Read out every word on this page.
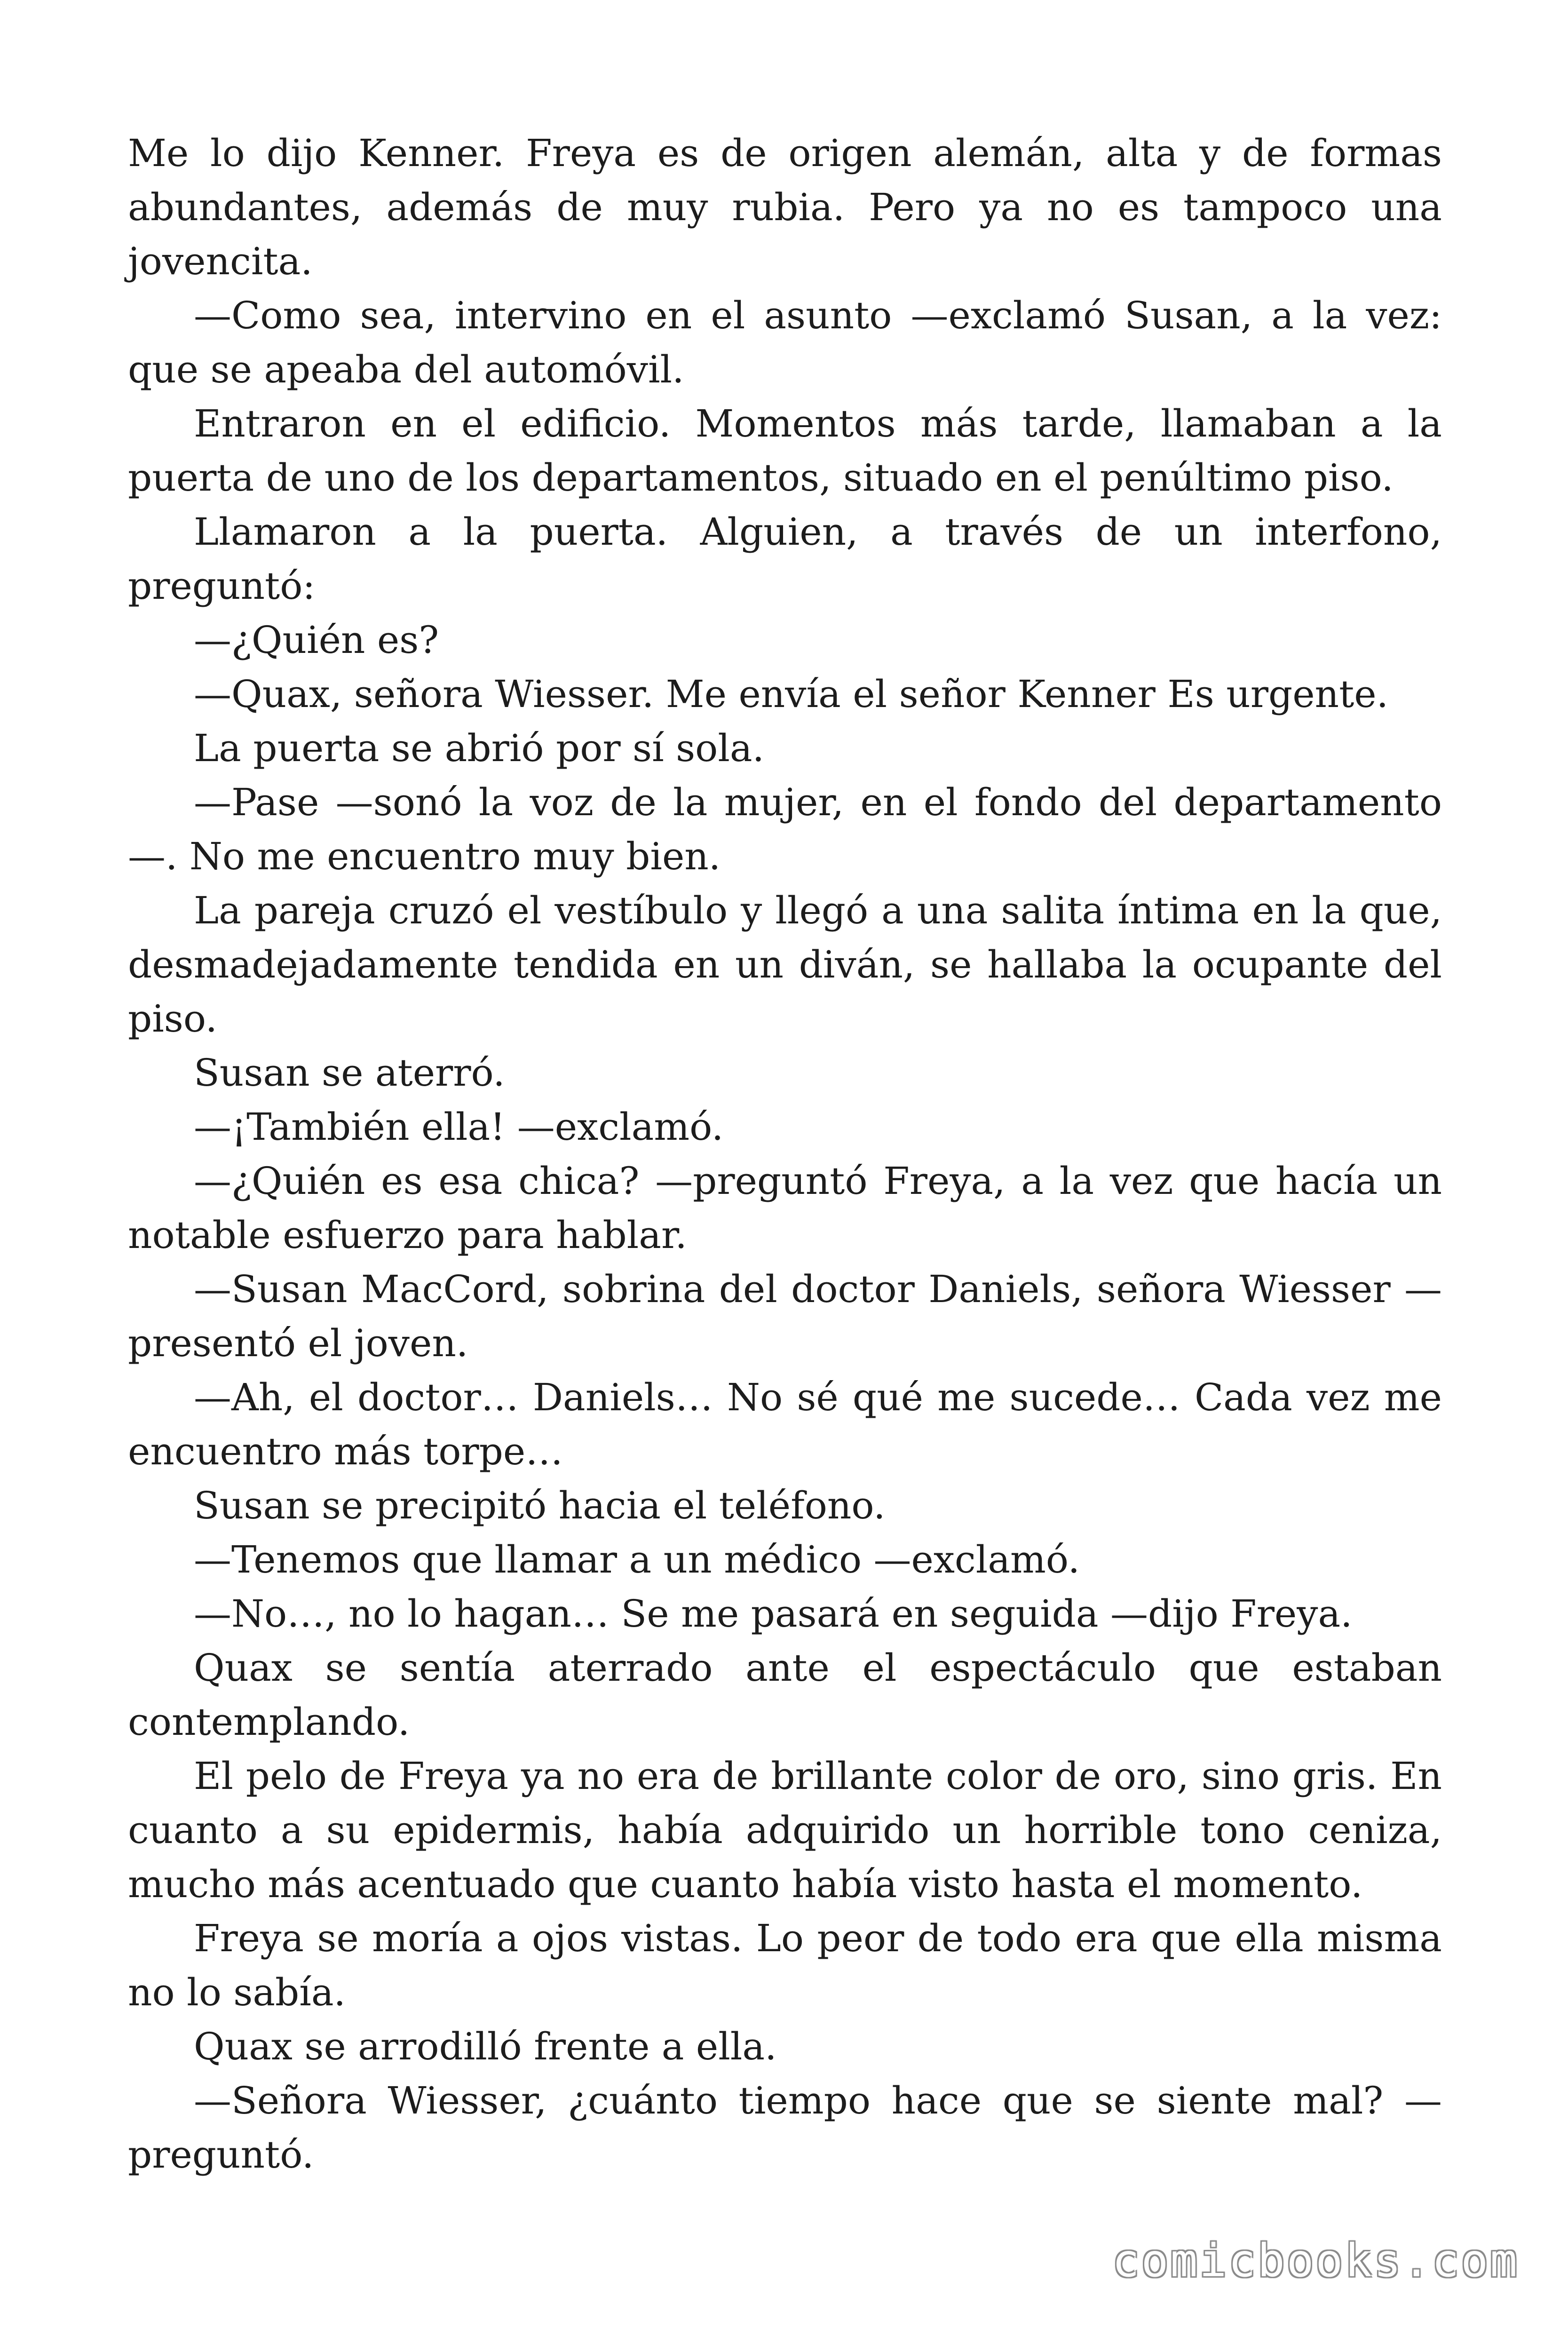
Me lo dijo Kenner. Freya es de origen alemán, alta y de formas abundantes, además de muy rubia. Pero ya no es tampoco una jovencita.

—Como sea, intervino en el asunto —exclamó Susan, a la vez: que se apeaba del automóvil.

Entraron en el edificio. Momentos más tarde, llamaban a la puerta de uno de los departamentos, situado en el penúltimo piso.

Llamaron a la puerta. Alguien, a través de un interfono, preguntó:

—¿Quién es?

—Quax, señora Wiesser. Me envía el señor Kenner Es urgente.

La puerta se abrió por sí sola.

—Pase —sonó la voz de la mujer, en el fondo del departamento —. No me encuentro muy bien.

La pareja cruzó el vestíbulo y llegó a una salita íntima en la que, desmadejadamente tendida en un diván, se hallaba la ocupante del piso.

Susan se aterró.

—¡También ella! —exclamó.

—¿Quién es esa chica? —preguntó Freya, a la vez que hacía un notable esfuerzo para hablar.

—Susan MacCord, sobrina del doctor Daniels, señora Wiesser —presentó el joven.

—Ah, el doctor… Daniels… No sé qué me sucede… Cada vez me encuentro más torpe…

Susan se precipitó hacia el teléfono.

—Tenemos que llamar a un médico —exclamó.

—No…, no lo hagan… Se me pasará en seguida —dijo Freya.

Quax se sentía aterrado ante el espectáculo que estaban contemplando.

El pelo de Freya ya no era de brillante color de oro, sino gris. En cuanto a su epidermis, había adquirido un horrible tono ceniza, mucho más acentuado que cuanto había visto hasta el momento.

Freya se moría a ojos vistas. Lo peor de todo era que ella misma no lo sabía.

Quax se arrodilló frente a ella.

—Señora Wiesser, ¿cuánto tiempo hace que se siente mal? —preguntó.

comicbooks.com
